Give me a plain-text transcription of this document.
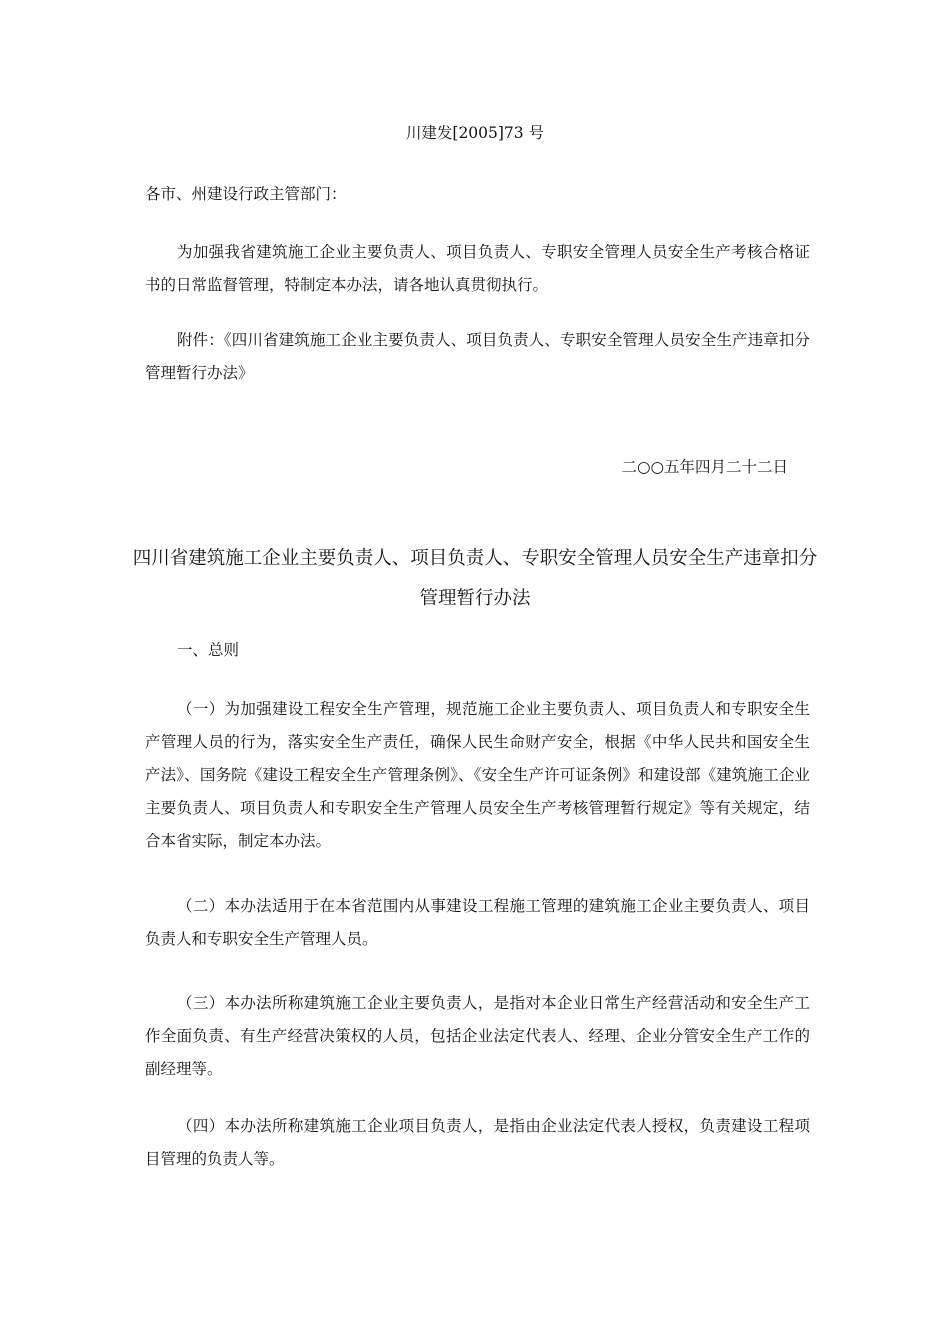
川建发[2005]73 号
各市、州建设行政主管部门：
为加强我省建筑施工企业主要负责人、项目负责人、专职安全管理人员安全生产考核合格证书的日常监督管理，特制定本办法，请各地认真贯彻执行。
附件：《四川省建筑施工企业主要负责人、项目负责人、专职安全管理人员安全生产违章扣分管理暂行办法》
二○○五年四月二十二日
四川省建筑施工企业主要负责人、项目负责人、专职安全管理人员安全生产违章扣分管理暂行办法
一、总则
（一）为加强建设工程安全生产管理，规范施工企业主要负责人、项目负责人和专职安全生产管理人员的行为，落实安全生产责任，确保人民生命财产安全，根据《中华人民共和国安全生产法》、国务院《建设工程安全生产管理条例》、《安全生产许可证条例》和建设部《建筑施工企业主要负责人、项目负责人和专职安全生产管理人员安全生产考核管理暂行规定》等有关规定，结合本省实际，制定本办法。
（二）本办法适用于在本省范围内从事建设工程施工管理的建筑施工企业主要负责人、项目负责人和专职安全生产管理人员。
（三）本办法所称建筑施工企业主要负责人，是指对本企业日常生产经营活动和安全生产工作全面负责、有生产经营决策权的人员，包括企业法定代表人、经理、企业分管安全生产工作的副经理等。
（四）本办法所称建筑施工企业项目负责人，是指由企业法定代表人授权，负责建设工程项目管理的负责人等。
